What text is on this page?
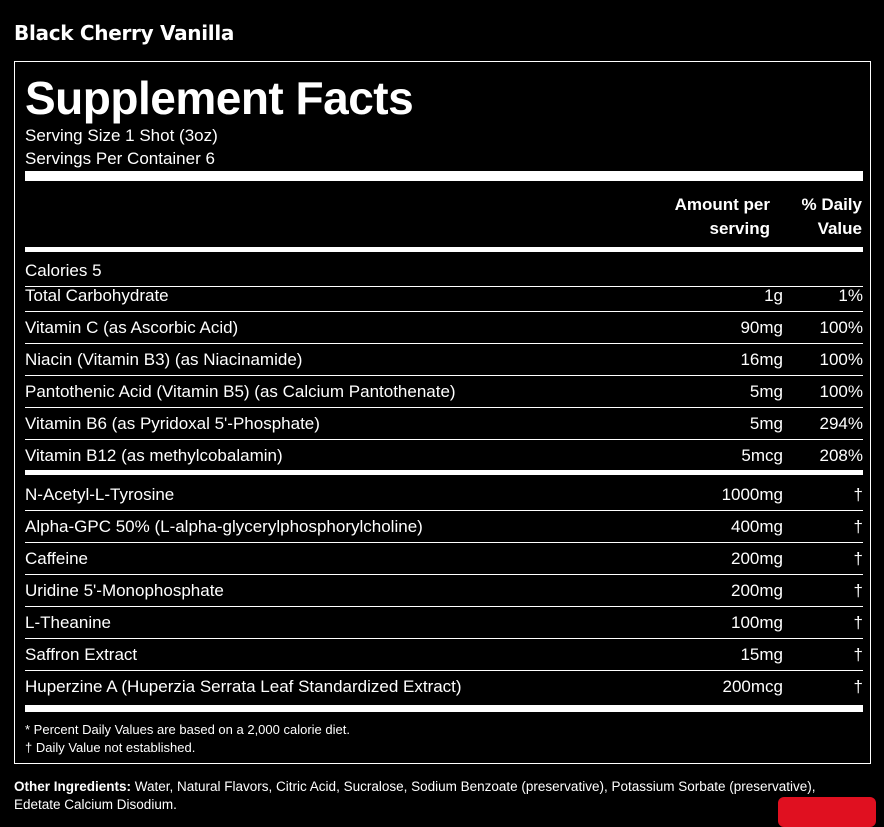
Black Cherry Vanilla
Supplement Facts
Serving Size 1 Shot (3oz)
Servings Per Container 6
Amount per
serving
% Daily
Value
Calories 5
Total Carbohydrate	1g	1%
Vitamin C (as Ascorbic Acid)	90mg 100%
Niacin (Vitamin B3) (as Niacinamide)	16mg 100%
Pantothenic Acid (Vitamin B5) (as Calcium Pantothenate)	5mg 100%
Vitamin B6 (as Pyridoxal 5'-Phosphate)	5mg 294%
Vitamin B12 (as methylcobalamin)	5mcg 208%
N-Acetyl-L-Tyrosine	1000mg	†
Alpha-GPC 50% (L-alpha-glycerylphosphorylcholine)	400mg	†
Caffeine	200mg	†
Uridine 5'-Monophosphate	200mg	†
L-Theanine	100mg	†
Saffron Extract	15mg	†
Huperzine A (Huperzia Serrata Leaf Standardized Extract)	200mcg	†
* Percent Daily Values are based on a 2,000 calorie diet.
† Daily Value not established.
Other Ingredients: Water, Natural Flavors, Citric Acid, Sucralose, Sodium Benzoate (preservative), Potassium Sorbate (preservative), Edetate Calcium Disodium.
